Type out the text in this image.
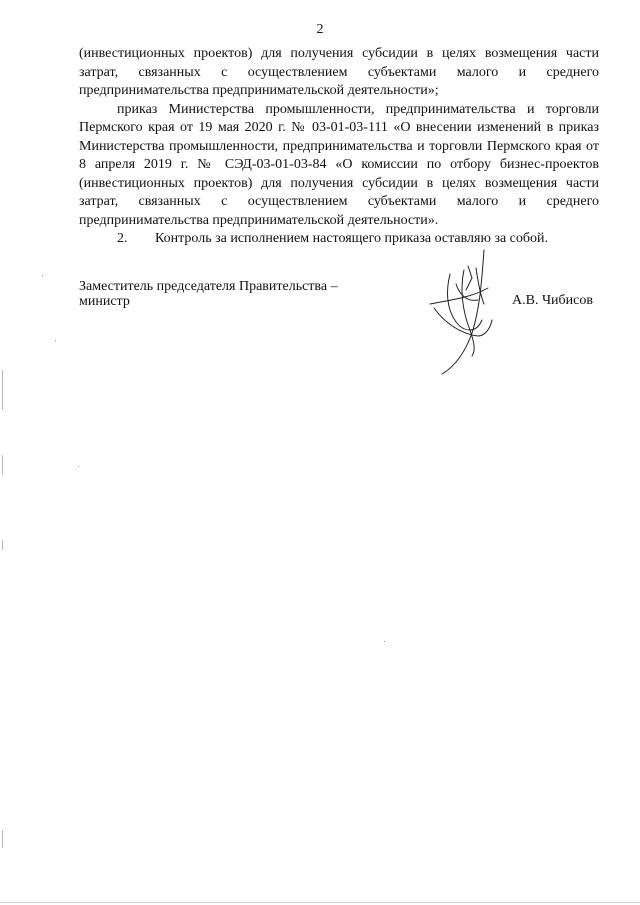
2

(инвестиционных проектов) для получения субсидии в целях возмещения части затрат, связанных с осуществлением субъектами малого и среднего предпринимательства предпринимательской деятельности»;

приказ Министерства промышленности, предпринимательства и торговли Пермского края от 19 мая 2020 г. № 03-01-03-111 «О внесении изменений в приказ Министерства промышленности, предпринимательства и торговли Пермского края от 8 апреля 2019 г. № СЭД-03-01-03-84 «О комиссии по отбору бизнес-проектов (инвестиционных проектов) для получения субсидии в целях возмещения части затрат, связанных с осуществлением субъектами малого и среднего предпринимательства предпринимательской деятельности».

2.	Контроль за исполнением настоящего приказа оставляю за собой.

Заместитель председателя Правительства –
министр	А.В. Чибисов
